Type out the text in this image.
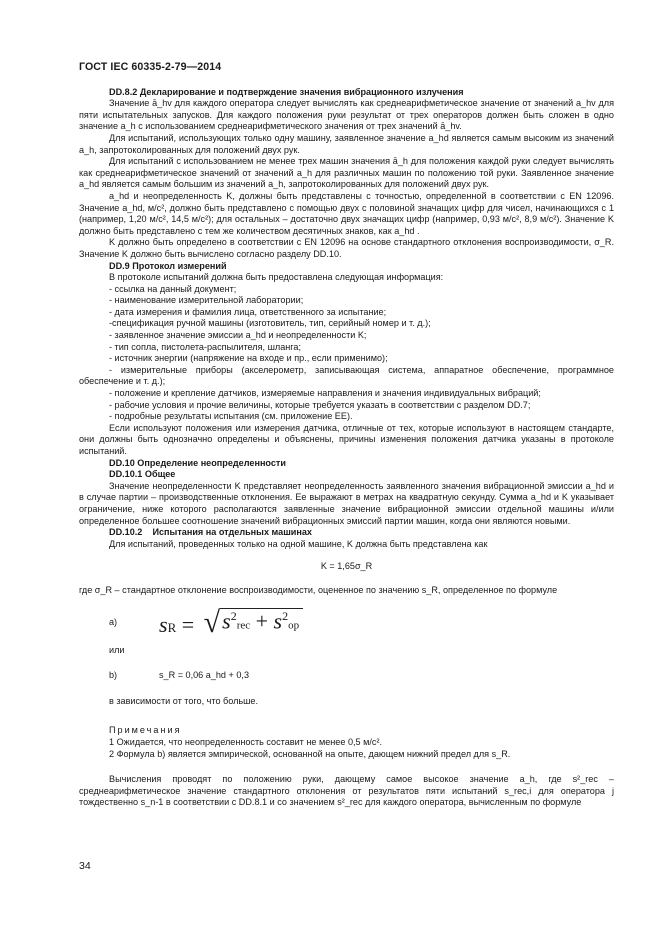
ГОСТ IEC 60335-2-79—2014

DD.8.2 Декларирование и подтверждение значения вибрационного излучения

Значение ā_hv для каждого оператора следует вычислять как среднеарифметическое значение от значений a_hv для пяти испытательных запусков. Для каждого положения руки результат от трех операторов должен быть сложен в одно значение a_h с использованием среднеарифметического значения от трех значений ā_hv.

Для испытаний, использующих только одну машину, заявленное значение a_hd является самым высоким из значений a_h, запротоколированных для положений двух рук.

Для испытаний с использованием не менее трех машин значения ā_h для положения каждой руки следует вычислять как среднеарифметическое значений от значений a_h для различных машин по положению той руки. Заявленное значение a_hd является самым большим из значений a_h, запротоколированных для положений двух рук.

a_hd и неопределенность K, должны быть представлены с точностью, определенной в соответствии с EN 12096. Значение a_hd, м/с², должно быть представлено с помощью двух с половиной значащих цифр для чисел, начинающихся с 1 (например, 1,20 м/с², 14,5 м/с²); для остальных – достаточно двух значащих цифр (например, 0,93 м/с², 8,9 м/с²). Значение K должно быть представлено с тем же количеством десятичных знаков, как a_hd .

K должно быть определено в соответствии с EN 12096 на основе стандартного отклонения воспроизводимости, σ_R. Значение K должно быть вычислено согласно разделу DD.10.

DD.9 Протокол измерений

В протоколе испытаний должна быть предоставлена следующая информация:

- ссылка на данный документ;

- наименование измерительной лаборатории;

- дата измерения и фамилия лица, ответственного за испытание;

-спецификация ручной машины (изготовитель, тип, серийный номер и т. д.);

- заявленное значение эмиссии a_hd и неопределенности K;

- тип сопла, пистолета-распылителя, шланга;

- источник энергии (напряжение на входе и пр., если применимо);

- измерительные приборы (акселерометр, записывающая система, аппаратное обеспечение, программное обеспечение и т. д.);

- положение и крепление датчиков, измеряемые направления и значения индивидуальных вибраций;

- рабочие условия и прочие величины, которые требуется указать в соответствии с разделом DD.7;

- подробные результаты испытания (см. приложение EE).

Если используют положения или измерения датчика, отличные от тех, которые используют в настоящем стандарте, они должны быть однозначно определены и объяснены, причины изменения положения датчика указаны в протоколе испытаний.

DD.10 Определение неопределенности

DD.10.1 Общее

Значение неопределенности K представляет неопределенность заявленного значения вибрационной эмиссии a_hd и в случае партии – производственные отклонения. Ее выражают в метрах на квадратную секунду. Сумма a_hd и K указывает ограничение, ниже которого располагаются заявленные значение вибрационной эмиссии отдельной машины и/или определенное большее соотношение значений вибрационных эмиссий партии машин, когда они являются новыми.

DD.10.2    Испытания на отдельных машинах

Для испытаний, проведенных только на одной машине, K должна быть представлена как

K = 1,65σ_R

где σ_R – стандартное отклонение воспроизводимости, оцененное по значению s_R, определенное по формуле

a)	sR = √ $s^2rec + s^2op$

или

b)	s_R = 0,06 a_hd + 0,3

в зависимости от того, что больше.

Примечания

1 Ожидается, что неопределенность составит не менее 0,5 м/с².

2 Формула b) является эмпирической, основанной на опыте, дающем нижний предел для s_R.

Вычисления проводят по положению руки, дающему самое высокое значение a_h, где s²_rec – среднеарифметическое значение стандартного отклонения от результатов пяти испытаний s_rec,i для оператора j тождественно s_n-1 в соответствии с DD.8.1 и со значением s²_rec для каждого оператора, вычисленным по формуле

34
